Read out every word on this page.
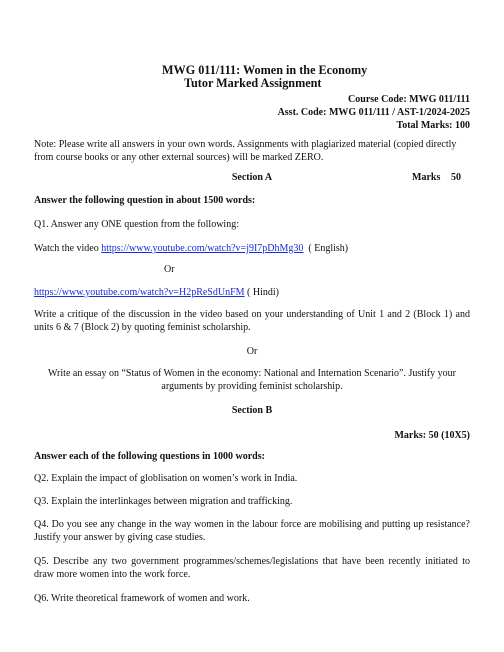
MWG 011/111: Women in the Economy
Tutor Marked Assignment
Course Code: MWG 011/111
Asst. Code: MWG 011/111 / AST-1/2024-2025
Total Marks: 100
Note: Please write all answers in your own words. Assignments with plagiarized material (copied directly from course books or any other external sources) will be marked ZERO.
Section A	Marks 50
Answer the following question in about 1500 words:
Q1. Answer any ONE question from the following:
Watch the video https://www.youtube.com/watch?v=j9I7pDhMg30 ( English)
Or
https://www.youtube.com/watch?v=H2pReSdUnFM ( Hindi)
Write a critique of the discussion in the video based on your understanding of Unit 1 and 2 (Block 1) and units 6 & 7 (Block 2) by quoting feminist scholarship.
Or
Write an essay on “Status of Women in the economy: National and Internation Scenario”. Justify your
arguments by providing feminist scholarship.
Section B
Marks: 50 (10X5)
Answer each of the following questions in 1000 words:
Q2. Explain the impact of globlisation on women’s work in India.
Q3. Explain the interlinkages between migration and trafficking.
Q4. Do you see any change in the way women in the labour force are mobilising and putting up resistance? Justify your answer by giving case studies.
Q5. Describe any two government programmes/schemes/legislations that have been recently initiated to draw more women into the work force.
Q6. Write theoretical framework of women and work.
